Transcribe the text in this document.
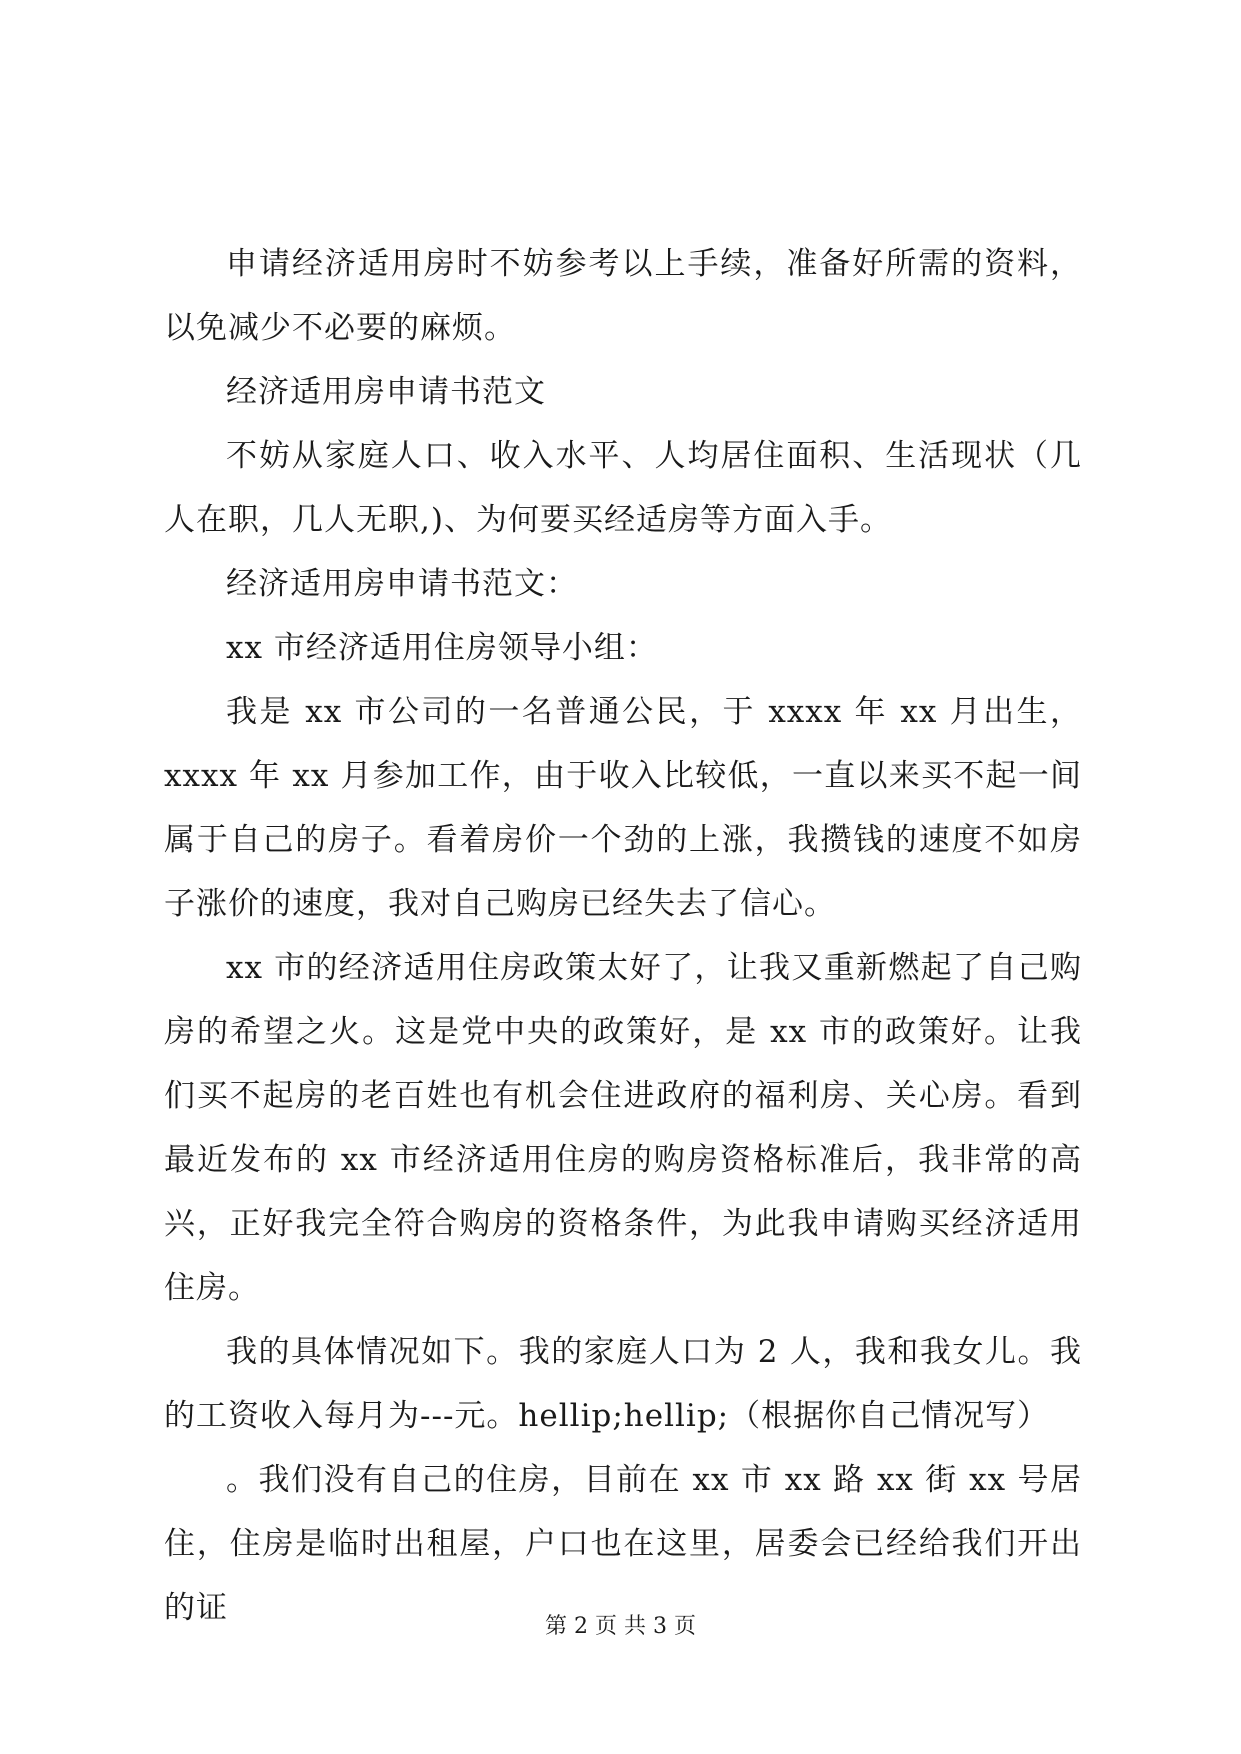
申请经济适用房时不妨参考以上手续，准备好所需的资料，以免减少不必要的麻烦。

经济适用房申请书范文

不妨从家庭人口、收入水平、人均居住面积、生活现状（几人在职，几人无职,)、为何要买经适房等方面入手。

经济适用房申请书范文：

xx 市经济适用住房领导小组：

我是 xx 市公司的一名普通公民，于 xxxx 年 xx 月出生，xxxx 年 xx 月参加工作，由于收入比较低，一直以来买不起一间属于自己的房子。看着房价一个劲的上涨，我攒钱的速度不如房子涨价的速度，我对自己购房已经失去了信心。

xx 市的经济适用住房政策太好了，让我又重新燃起了自己购房的希望之火。这是党中央的政策好，是 xx 市的政策好。让我们买不起房的老百姓也有机会住进政府的福利房、关心房。看到最近发布的 xx 市经济适用住房的购房资格标准后，我非常的高兴，正好我完全符合购房的资格条件，为此我申请购买经济适用住房。

我的具体情况如下。我的家庭人口为 2 人，我和我女儿。我的工资收入每月为---元。hellip;hellip;（根据你自己情况写）

。我们没有自己的住房，目前在 xx 市 xx 路 xx 街 xx 号居住，住房是临时出租屋，户口也在这里，居委会已经给我们开出的证

第 2 页 共 3 页
